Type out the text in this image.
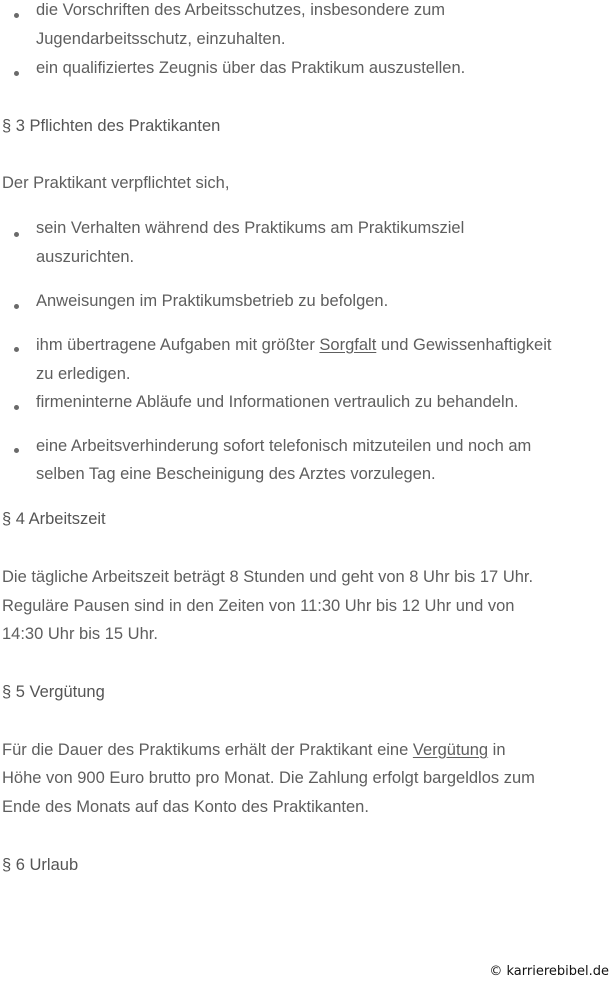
die Vorschriften des Arbeitsschutzes, insbesondere zum
Jugendarbeitsschutz, einzuhalten.
ein qualifiziertes Zeugnis über das Praktikum auszustellen.
§ 3 Pflichten des Praktikanten
Der Praktikant verpflichtet sich,
sein Verhalten während des Praktikums am Praktikumsziel
auszurichten.
Anweisungen im Praktikumsbetrieb zu befolgen.
ihm übertragene Aufgaben mit größter Sorgfalt und Gewissenhaftigkeit
zu erledigen.
firmeninterne Abläufe und Informationen vertraulich zu behandeln.
eine Arbeitsverhinderung sofort telefonisch mitzuteilen und noch am
selben Tag eine Bescheinigung des Arztes vorzulegen.
§ 4 Arbeitszeit
Die tägliche Arbeitszeit beträgt 8 Stunden und geht von 8 Uhr bis 17 Uhr.
Reguläre Pausen sind in den Zeiten von 11:30 Uhr bis 12 Uhr und von
14:30 Uhr bis 15 Uhr.
§ 5 Vergütung
Für die Dauer des Praktikums erhält der Praktikant eine Vergütung in
Höhe von 900 Euro brutto pro Monat. Die Zahlung erfolgt bargeldlos zum
Ende des Monats auf das Konto des Praktikanten.
§ 6 Urlaub
© karrierebibel.de
